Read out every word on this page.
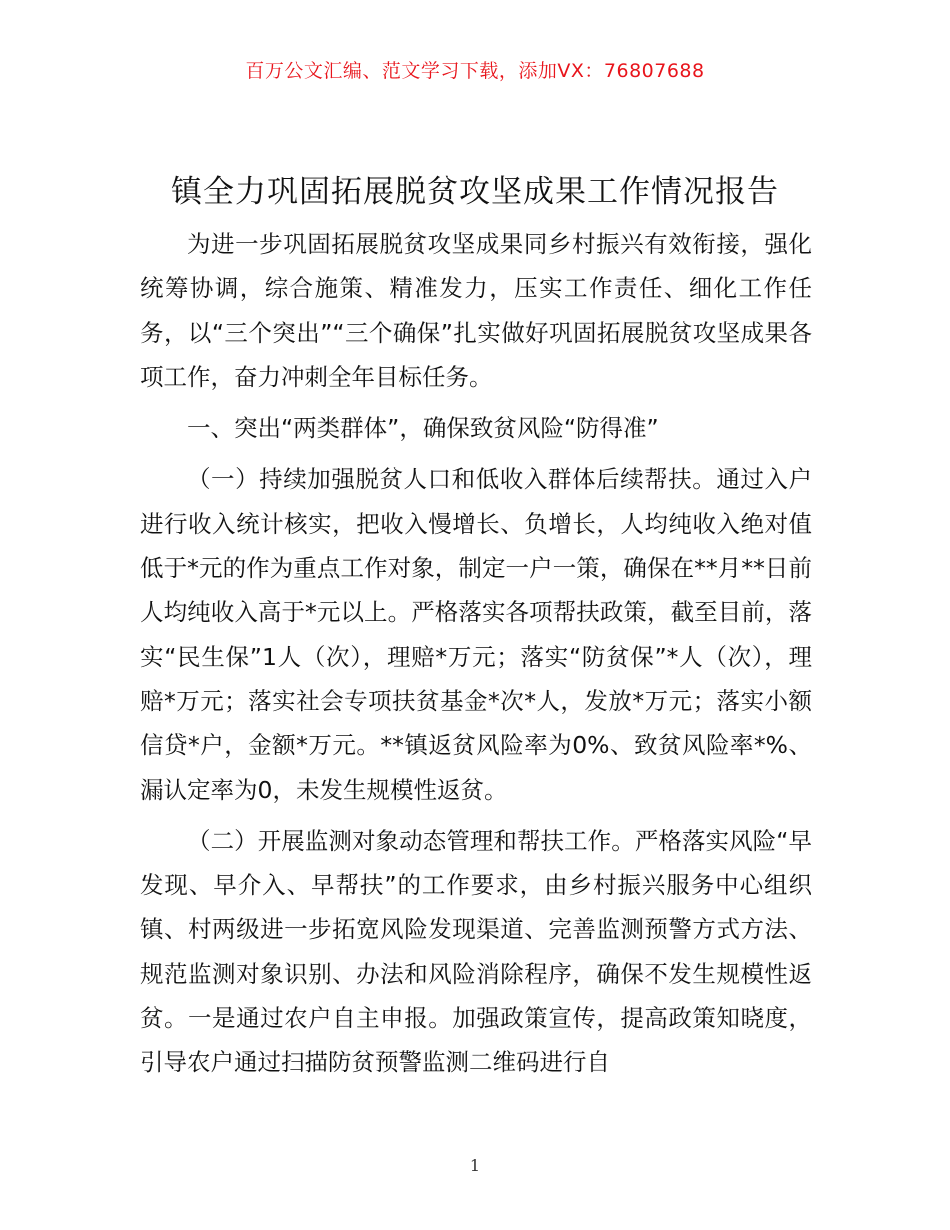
百万公文汇编、范文学习下载，添加VX：76807688
镇全力巩固拓展脱贫攻坚成果工作情况报告

为进一步巩固拓展脱贫攻坚成果同乡村振兴有效衔接，强化统筹协调，综合施策、精准发力，压实工作责任、细化工作任务，以“三个突出”“三个确保”扎实做好巩固拓展脱贫攻坚成果各项工作，奋力冲刺全年目标任务。

一、突出“两类群体”，确保致贫风险“防得准”

（一）持续加强脱贫人口和低收入群体后续帮扶。通过入户进行收入统计核实，把收入慢增长、负增长，人均纯收入绝对值低于*元的作为重点工作对象，制定一户一策，确保在**月**日前人均纯收入高于*元以上。严格落实各项帮扶政策，截至目前，落实“民生保”1人（次），理赔*万元；落实“防贫保”*人（次），理赔*万元；落实社会专项扶贫基金*次*人，发放*万元；落实小额信贷*户，金额*万元。**镇返贫风险率为0%、致贫风险率*%、漏认定率为0，未发生规模性返贫。

（二）开展监测对象动态管理和帮扶工作。严格落实风险“早发现、早介入、早帮扶”的工作要求，由乡村振兴服务中心组织镇、村两级进一步拓宽风险发现渠道、完善监测预警方式方法、规范监测对象识别、办法和风险消除程序，确保不发生规模性返贫。一是通过农户自主申报。加强政策宣传，提高政策知晓度，引导农户通过扫描防贫预警监测二维码进行自

1
